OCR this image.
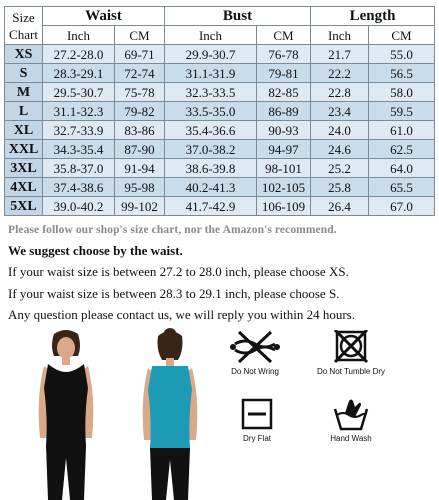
Size
Chart	Waist		Bust		Length	
	Inch	CM	Inch	CM	Inch	CM
XS	27.2-28.0	69-71	29.9-30.7	76-78	21.7	55.0
S	28.3-29.1	72-74	31.1-31.9	79-81	22.2	56.5
M	29.5-30.7	75-78	32.3-33.5	82-85	22.8	58.0
L	31.1-32.3	79-82	33.5-35.0	86-89	23.4	59.5
XL	32.7-33.9	83-86	35.4-36.6	90-93	24.0	61.0
XXL	34.3-35.4	87-90	37.0-38.2	94-97	24.6	62.5
3XL	35.8-37.0	91-94	38.6-39.8	98-101	25.2	64.0
4XL	37.4-38.6	95-98	40.2-41.3	102-105	25.8	65.5
5XL	39.0-40.2	99-102	41.7-42.9	106-109	26.4	67.0
Please follow our shop's size chart, nor the Amazon's recommend.
We suggest choose by the waist.
If your waist size is between 27.2 to 28.0 inch, please choose XS.
If your waist size is between 28.3 to 29.1 inch, please choose S.
Any question please contact us, we will reply you within 24 hours.
Do Not Wring	Do Not Tumble Dry
Dry Flat	Hand Wash
